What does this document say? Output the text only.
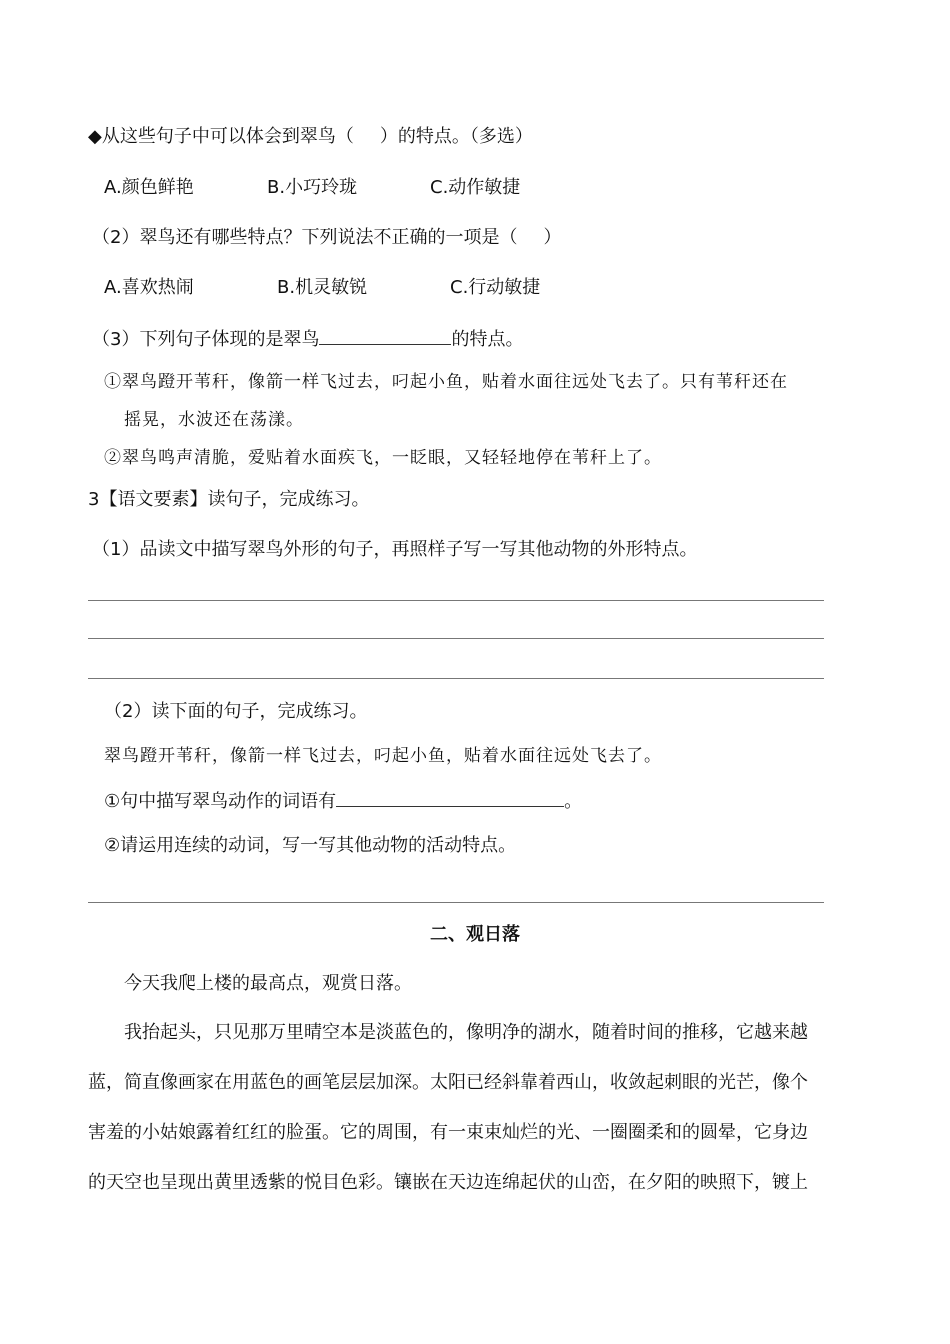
◆从这些句子中可以体会到翠鸟（ ）的特点。（多选）
A.颜色鲜艳	B.小巧玲珑	C.动作敏捷
（2）翠鸟还有哪些特点？下列说法不正确的一项是（ ）
A.喜欢热闹	B.机灵敏锐	C.行动敏捷
（3）下列句子体现的是翠鸟	的特点。
①翠鸟蹬开苇秆，像箭一样飞过去，叼起小鱼，贴着水面往远处飞去了。只有苇秆还在
摇晃，水波还在荡漾。
②翠鸟鸣声清脆，爱贴着水面疾飞，一眨眼，又轻轻地停在苇秆上了。
3【语文要素】读句子，完成练习。
（1）品读文中描写翠鸟外形的句子，再照样子写一写其他动物的外形特点。
（2）读下面的句子，完成练习。
翠鸟蹬开苇秆，像箭一样飞过去，叼起小鱼，贴着水面往远处飞去了。
①句中描写翠鸟动作的词语有	。
②请运用连续的动词，写一写其他动物的活动特点。
二、观日落
今天我爬上楼的最高点，观赏日落。
我抬起头，只见那万里晴空本是淡蓝色的，像明净的湖水，随着时间的推移，它越来越
蓝，简直像画家在用蓝色的画笔层层加深。太阳已经斜靠着西山，收敛起刺眼的光芒，像个
害羞的小姑娘露着红红的脸蛋。它的周围，有一束束灿烂的光、一圈圈柔和的圆晕，它身边
的天空也呈现出黄里透紫的悦目色彩。镶嵌在天边连绵起伏的山峦，在夕阳的映照下，镀上
